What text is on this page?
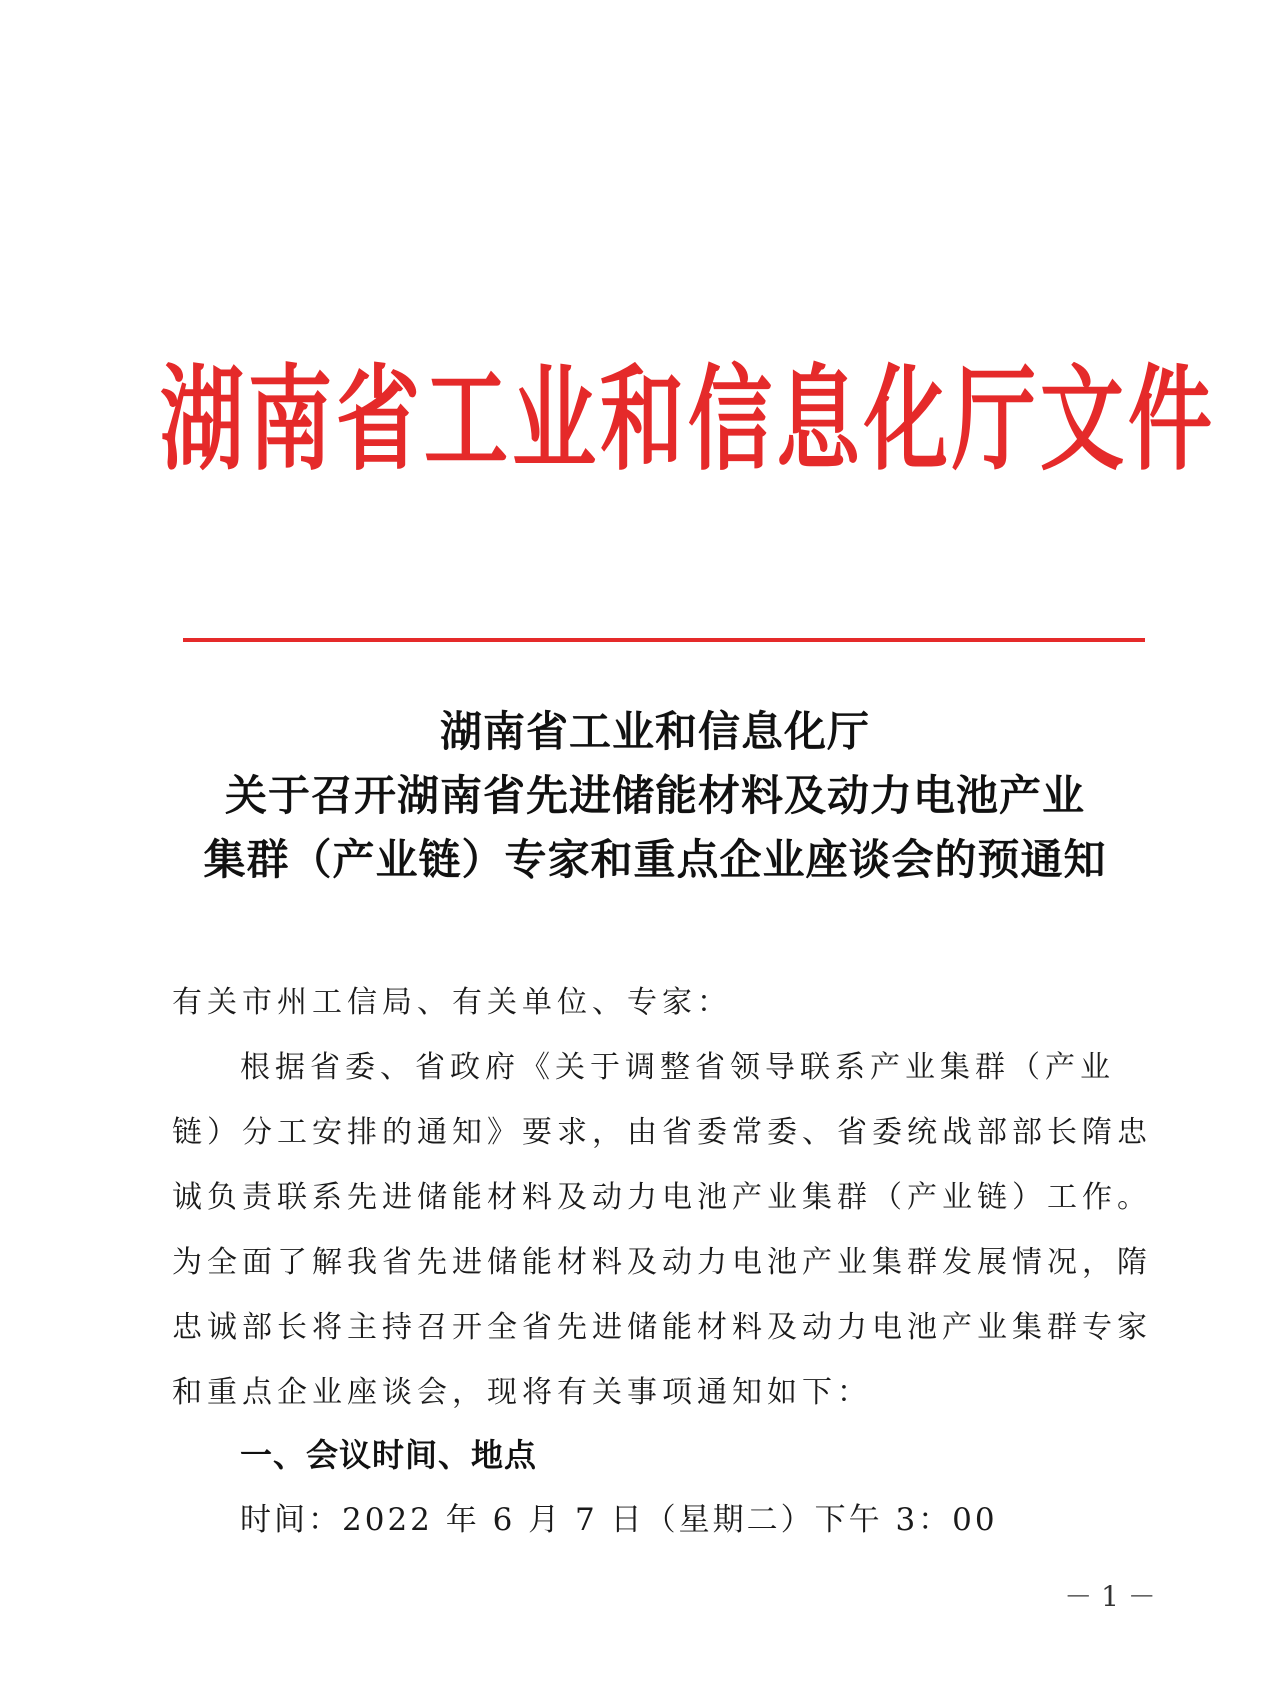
湖南省工业和信息化厅文件
湖南省工业和信息化厅
关于召开湖南省先进储能材料及动力电池产业
集群（产业链）专家和重点企业座谈会的预通知

有关市州工信局、有关单位、专家：

根据省委、省政府《关于调整省领导联系产业集群（产业链）分工安排的通知》要求，由省委常委、省委统战部部长隋忠诚负责联系先进储能材料及动力电池产业集群（产业链）工作。为全面了解我省先进储能材料及动力电池产业集群发展情况，隋忠诚部长将主持召开全省先进储能材料及动力电池产业集群专家和重点企业座谈会，现将有关事项通知如下：

一、会议时间、地点

时间：2022 年 6 月 7 日（星期二）下午 3：00

－ 1 －
